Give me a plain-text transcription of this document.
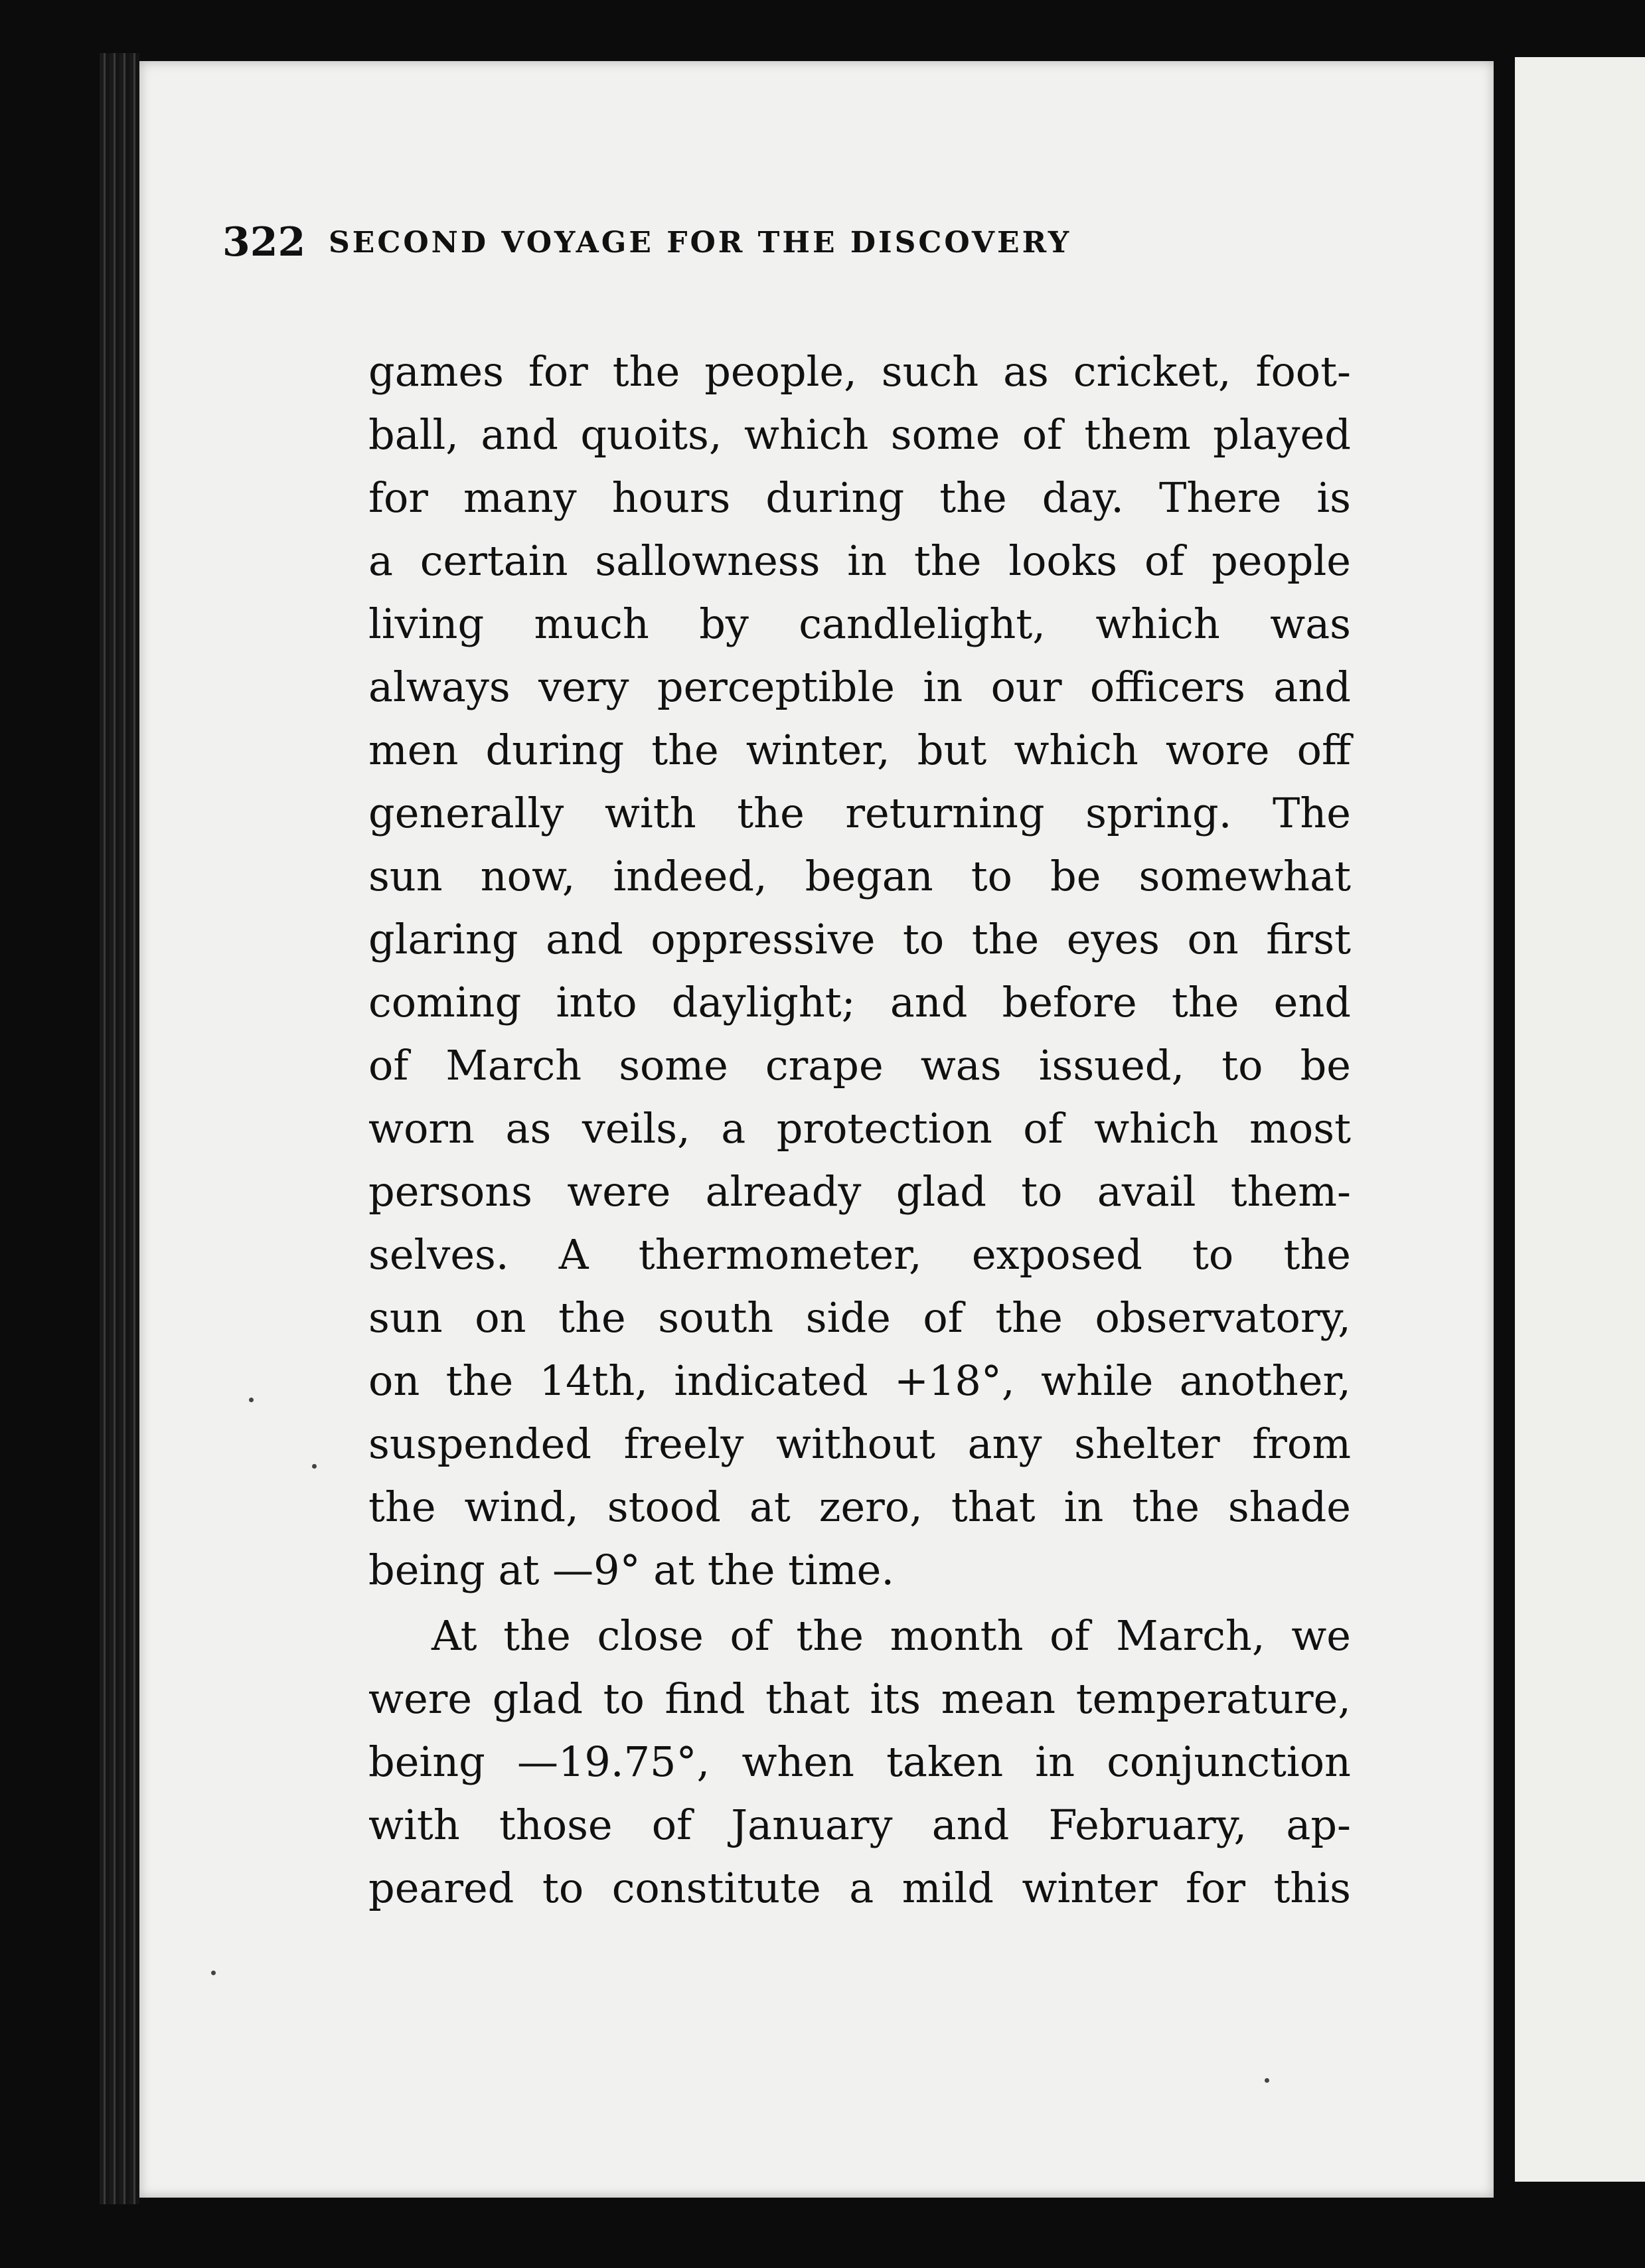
322 SECOND VOYAGE FOR THE DISCOVERY
games for the people, such as cricket, foot-
ball, and quoits, which some of them played
for many hours during the day. There is
a certain sallowness in the looks of people
living much by candlelight, which was
always very perceptible in our officers and
men during the winter, but which wore off
generally with the returning spring. The
sun now, indeed, began to be somewhat
glaring and oppressive to the eyes on first
coming into daylight; and before the end
of March some crape was issued, to be
worn as veils, a protection of which most
persons were already glad to avail them-
selves. A thermometer, exposed to the
sun on the south side of the observatory,
on the 14th, indicated +18°, while another,
suspended freely without any shelter from
the wind, stood at zero, that in the shade
being at —9° at the time.
At the close of the month of March, we
were glad to find that its mean temperature,
being —19.75°, when taken in conjunction
with those of January and February, ap-
peared to constitute a mild winter for this
